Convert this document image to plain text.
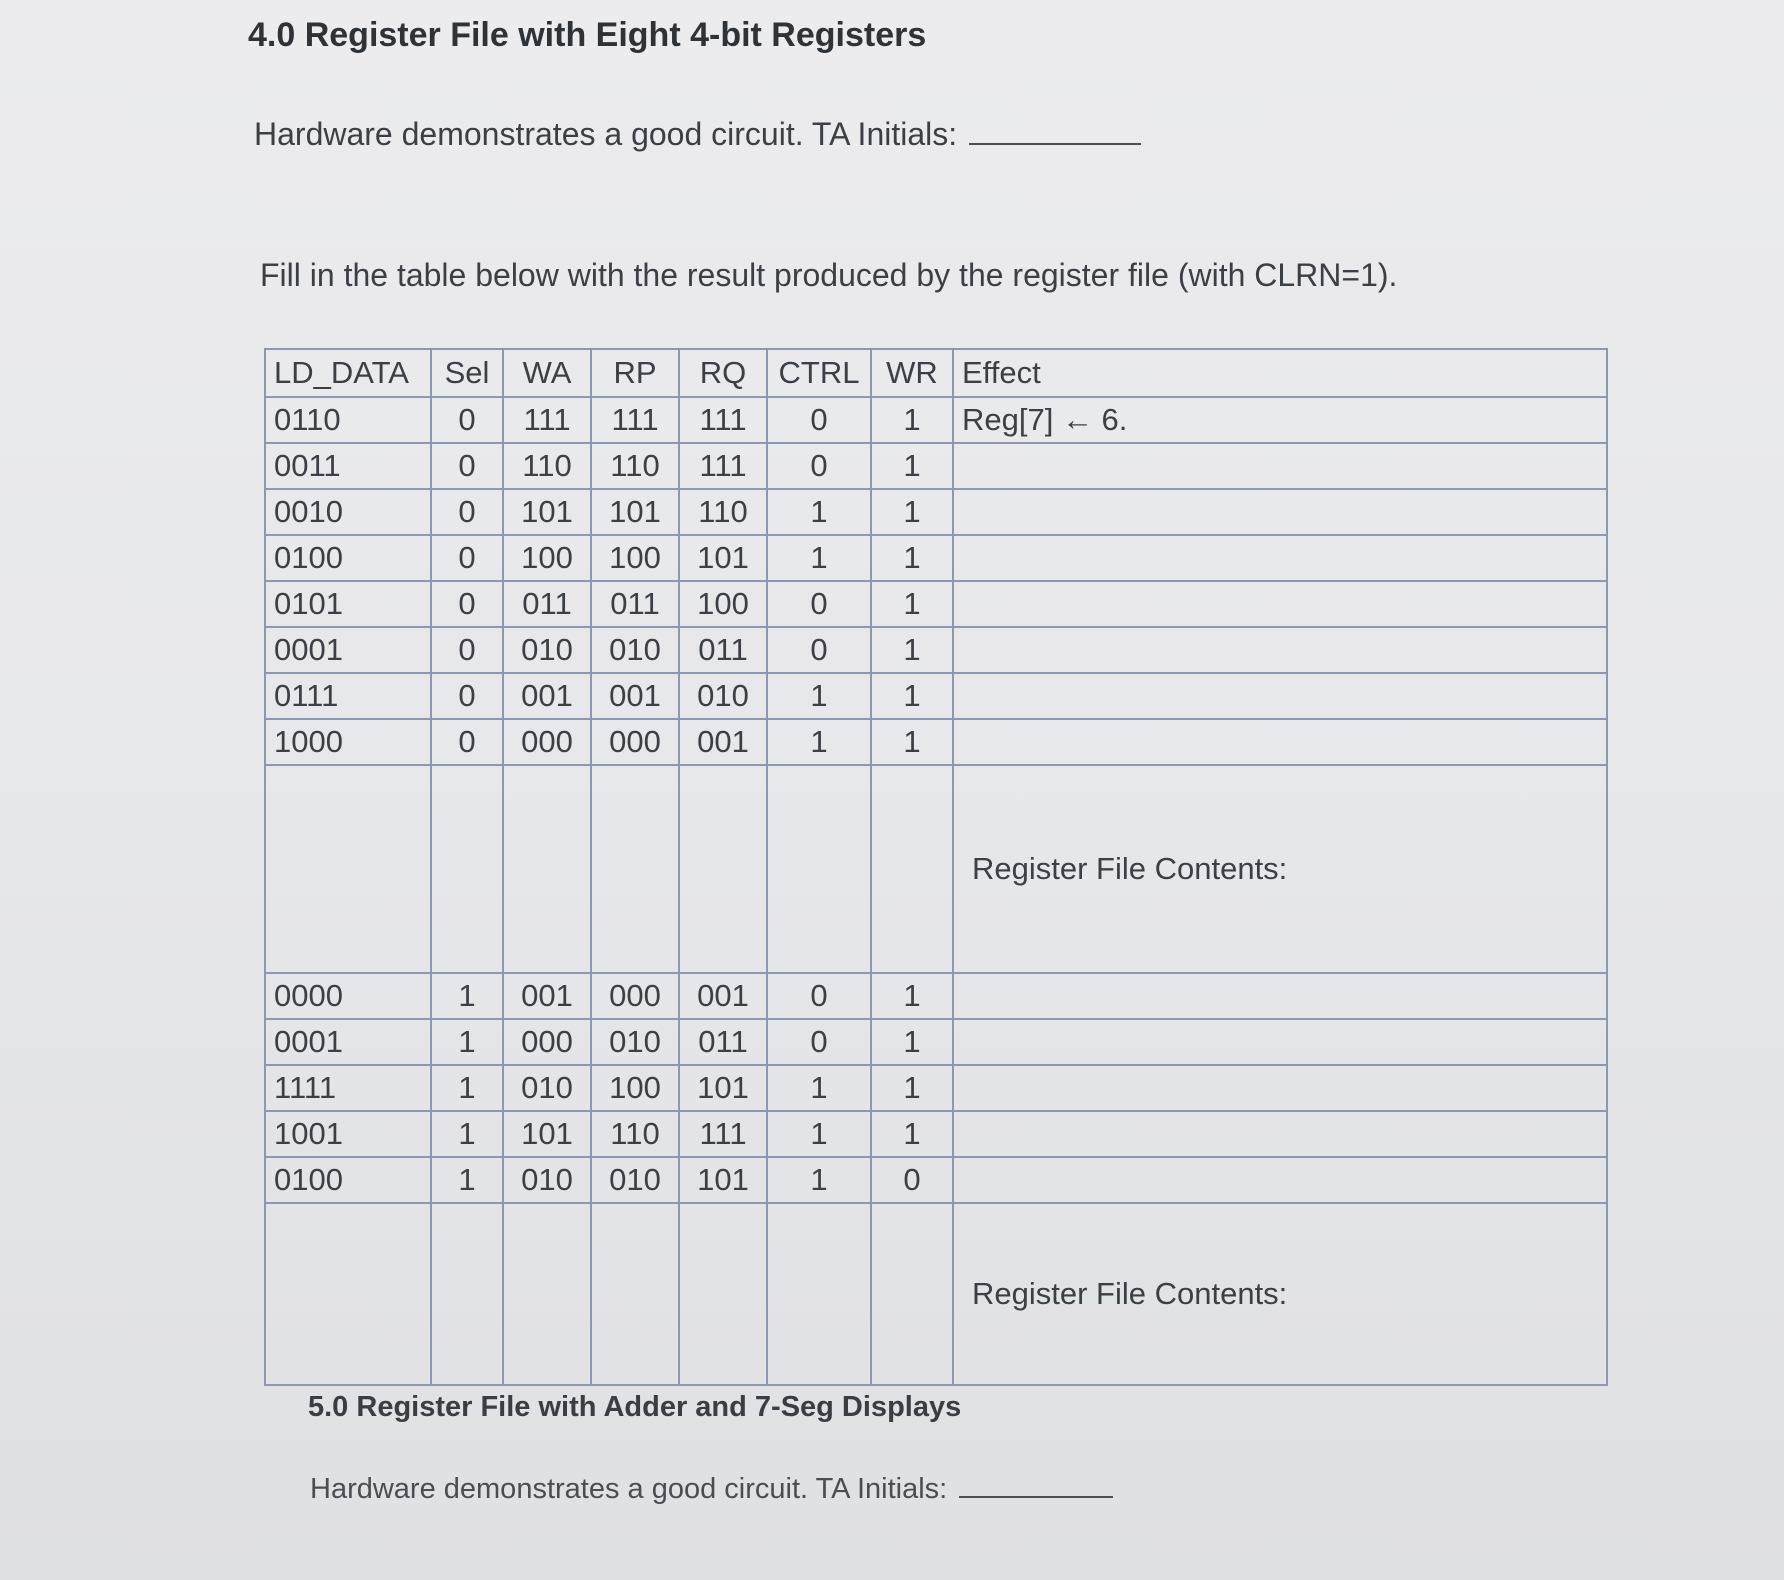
4.0 Register File with Eight 4-bit Registers
Hardware demonstrates a good circuit. TA Initials:
Fill in the table below with the result produced by the register file (with CLRN=1).
LD_DATA	Sel	WA	RP	RQ	CTRL	WR	Effect
0110	0	111	111	111	0	1	Reg[7] ← 6.
0011	0	110	110	111	0	1	
0010	0	101	101	110	1	1	
0100	0	100	100	101	1	1	
0101	0	011	011	100	0	1	
0001	0	010	010	011	0	1	
0111	0	001	001	010	1	1	
1000	0	000	000	001	1	1	
							Register File Contents:
0000	1	001	000	001	0	1	
0001	1	000	010	011	0	1	
1111	1	010	100	101	1	1	
1001	1	101	110	111	1	1	
0100	1	010	010	101	1	0	
							Register File Contents:
5.0 Register File with Adder and 7-Seg Displays
Hardware demonstrates a good circuit. TA Initials:
